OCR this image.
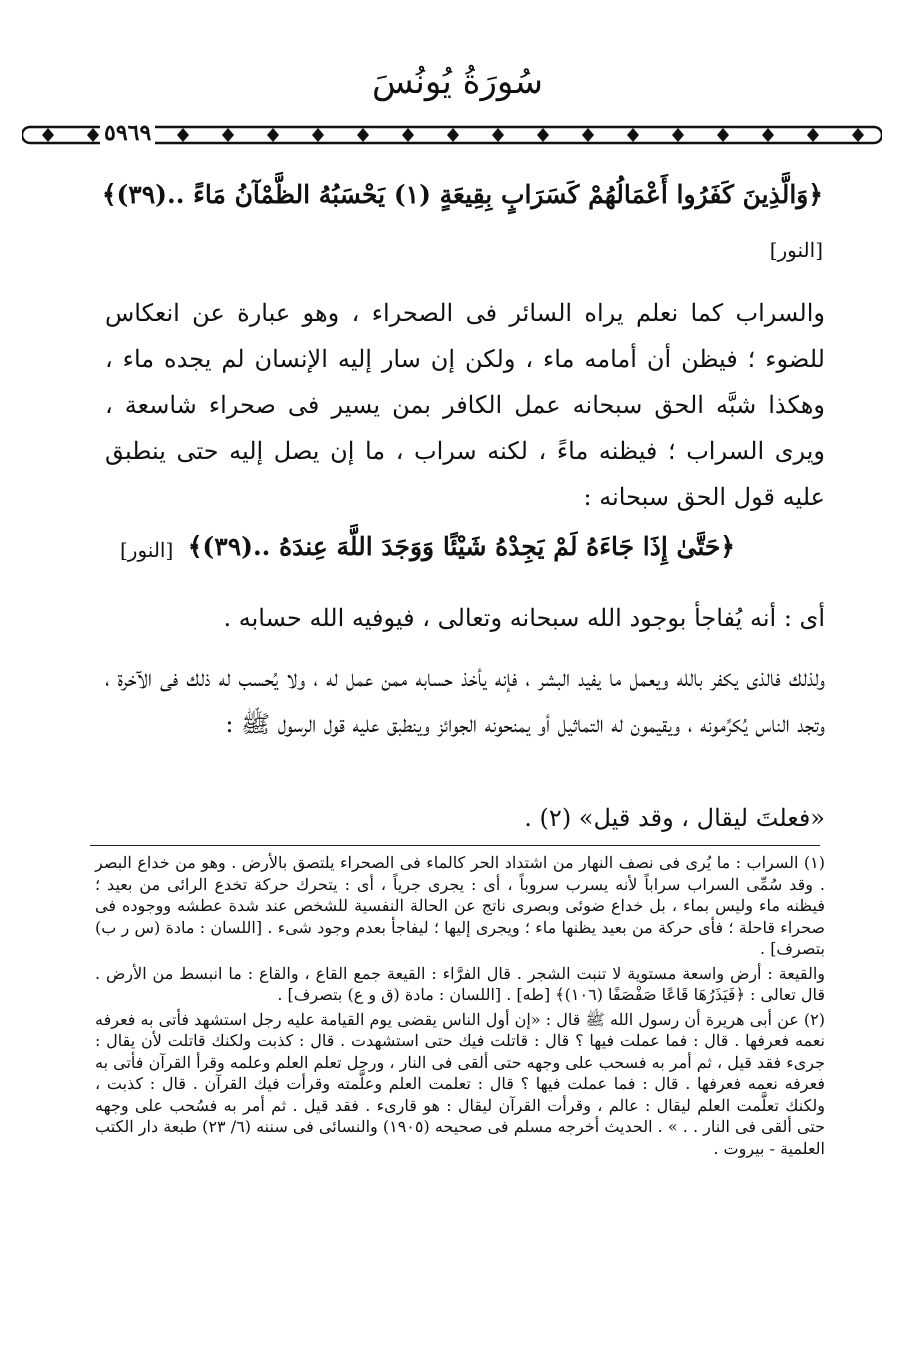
سُورَةُ يُونُسَ
٥٩٦٩
﴿وَالَّذِينَ كَفَرُوا أَعْمَالُهُمْ كَسَرَابٍ بِقِيعَةٍ (١) يَحْسَبُهُ الظَّمْآنُ مَاءً ..(٣٩)﴾
[النور]

والسراب كما نعلم يراه السائر فى الصحراء ، وهو عبارة عن انعكاس للضوء ؛ فيظن أن أمامه ماء ، ولكن إن سار إليه الإنسان لم يجده ماء ، وهكذا شبَّه الحق سبحانه عمل الكافر بمن يسير فى صحراء شاسعة ، ويرى السراب ؛ فيظنه ماءً ، لكنه سراب ، ما إن يصل إليه حتى ينطبق عليه قول الحق سبحانه :

﴿حَتَّىٰ إِذَا جَاءَهُ لَمْ يَجِدْهُ شَيْئًا وَوَجَدَ اللَّهَ عِندَهُ ..(٣٩)﴾
[النور]

أى : أنه يُفاجأ بوجود الله سبحانه وتعالى ، فيوفيه الله حسابه .

ولذلك فالذى يكفر بالله ويعمل ما يفيد البشر ، فإنه يأخذ حسابه ممن عمل له ، ولا يُحسب له ذلك فى الآخرة ، وتجد الناس يُكرِّمونه ، ويقيمون له التماثيل أو يمنحونه الجوائز وينطبق عليه قول الرسول ﷺ :

«فعلتَ ليقال ، وقد قيل» (٢) .

(١) السراب : ما يُرى فى نصف النهار من اشتداد الحر كالماء فى الصحراء يلتصق بالأرض . وهو من خداع البصر . وقد سُمِّى السراب سراباً لأنه يسرب سروباً ، أى : يجرى جرياً ، أى : يتحرك حركة تخدع الرائى من بعيد ؛ فيظنه ماء وليس بماء ، بل خداع ضوئى وبصرى ناتج عن الحالة النفسية للشخص عند شدة عطشه ووجوده فى صحراء قاحلة ؛ فأى حركة من بعيد يظنها ماء ؛ ويجرى إليها ؛ ليفاجأ بعدم وجود شىء . [اللسان : مادة (س ر ب) بتصرف] .

والقيعة : أرض واسعة مستوية لا تنبت الشجر . قال الفرَّاء : القيعة جمع القاع ، والقاع : ما انبسط من الأرض . قال تعالى : ﴿فَيَذَرُهَا قَاعًا صَفْصَفًا (١٠٦)﴾ [طه] . [اللسان : مادة (ق و ع) بتصرف] .

(٢) عن أبى هريرة أن رسول الله ﷺ قال : «إن أول الناس يقضى يوم القيامة عليه رجل استشهد فأتى به فعرفه نعمه فعرفها . قال : فما عملت فيها ؟ قال : قاتلت فيك حتى استشهدت . قال : كذبت ولكنك قاتلت لأن يقال : جرىء فقد قيل ، ثم أمر به فسحب على وجهه حتى ألقى فى النار ، ورجل تعلم العلم وعلمه وقرأ القرآن فأتى به فعرفه نعمه فعرفها . قال : فما عملت فيها ؟ قال : تعلمت العلم وعلَّمته وقرأت فيك القرآن . قال : كذبت ، ولكنك تعلَّمت العلم ليقال : عالم ، وقرأت القرآن ليقال : هو قارىء . فقد قيل . ثم أمر به فسُحب على وجهه حتى ألقى فى النار . . » . الحديث أخرجه مسلم فى صحيحه (١٩٠٥) والنسائى فى سننه (٦/ ٢٣) طبعة دار الكتب العلمية - بيروت .
